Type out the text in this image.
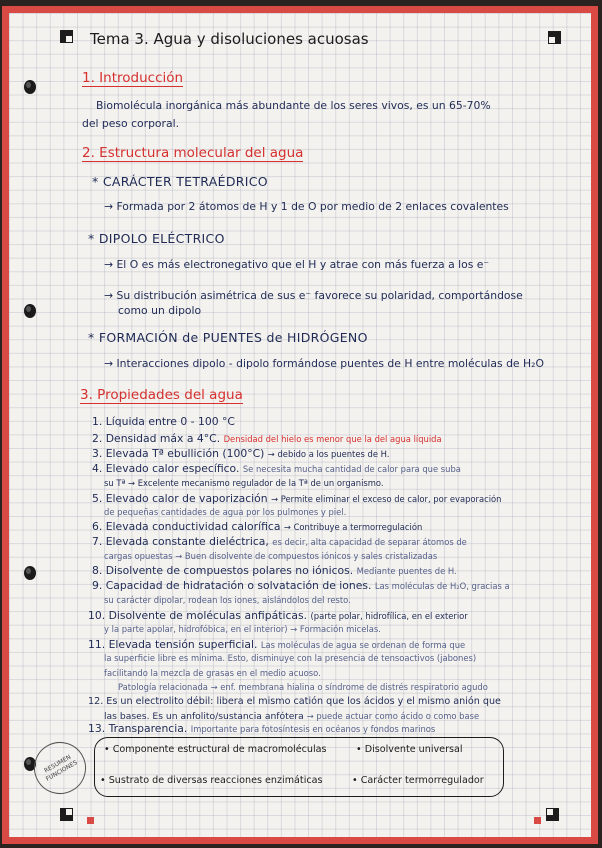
Tema 3. Agua y disoluciones acuosas
1. Introducción
Biomolécula inorgánica más abundante de los seres vivos, es un 65-70%
del peso corporal.
2. Estructura molecular del agua
* CARÁCTER TETRAÉDRICO
→ Formada por 2 átomos de H y 1 de O por medio de 2 enlaces covalentes
* DIPOLO ELÉCTRICO
→ El O es más electronegativo que el H y atrae con más fuerza a los e⁻
→ Su distribución asimétrica de sus e⁻ favorece su polaridad, comportándose
como un dipolo
* FORMACIÓN de PUENTES de HIDRÓGENO
→ Interacciones dipolo - dipolo formándose puentes de H entre moléculas de H₂O
3. Propiedades del agua
1. Líquida entre 0 - 100 °C
2. Densidad máx a 4°C. Densidad del hielo es menor que la del agua líquida
3. Elevada Tª ebullición (100°C) → debido a los puentes de H.
4. Elevado calor específico. Se necesita mucha cantidad de calor para que suba
su Tª → Excelente mecanismo regulador de la Tª de un organismo.
5. Elevado calor de vaporización → Permite eliminar el exceso de calor, por evaporación
de pequeñas cantidades de agua por los pulmones y piel.
6. Elevada conductividad calorífica → Contribuye a termorregulación
7. Elevada constante dieléctrica, es decir, alta capacidad de separar átomos de
cargas opuestas → Buen disolvente de compuestos iónicos y sales cristalizadas
8. Disolvente de compuestos polares no iónicos. Mediante puentes de H.
9. Capacidad de hidratación o solvatación de iones. Las moléculas de H₂O, gracias a
su carácter dipolar, rodean los iones, aislándolos del resto.
10. Disolvente de moléculas anfipáticas. (parte polar, hidrofílica, en el exterior
y la parte apolar, hidrofóbica, en el interior) → Formación micelas.
11. Elevada tensión superficial. Las moléculas de agua se ordenan de forma que
la superficie libre es mínima. Esto, disminuye con la presencia de tensoactivos (jabones)
facilitando la mezcla de grasas en el medio acuoso.
Patología relacionada → enf. membrana hialina o síndrome de distrés respiratorio agudo
12. Es un electrolito débil: libera el mismo catión que los ácidos y el mismo anión que
las bases. Es un anfolito/sustancia anfótera → puede actuar como ácido o como base
13. Transparencia. Importante para fotosíntesis en océanos y fondos marinos
RESUMEN FUNCIONES
• Componente estructural de macromoléculas	• Disolvente universal
• Sustrato de diversas reacciones enzimáticas	• Carácter termorregulador
